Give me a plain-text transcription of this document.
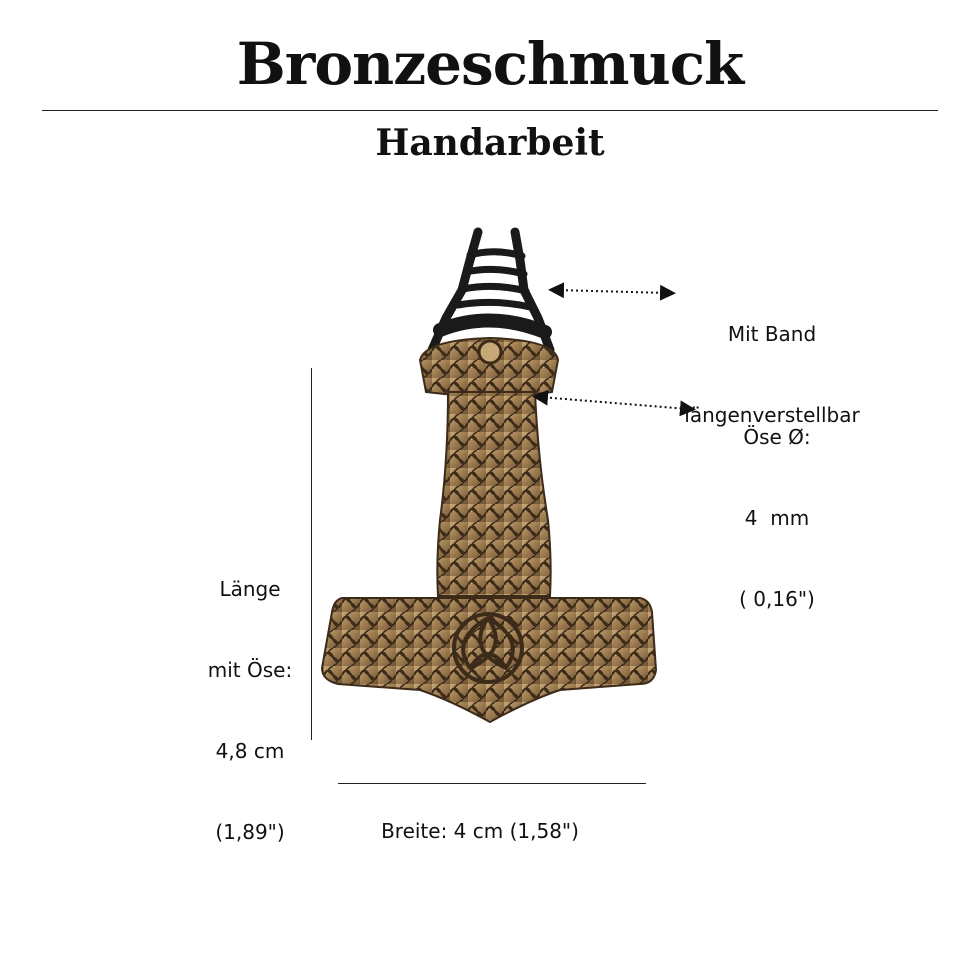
Bronzeschmuck
Handarbeit

Mit Band

längenverstellbar

Öse Ø:

4  mm

( 0,16")

Länge

mit Öse:

4,8 cm

(1,89")	Breite: 4 cm (1,58")
